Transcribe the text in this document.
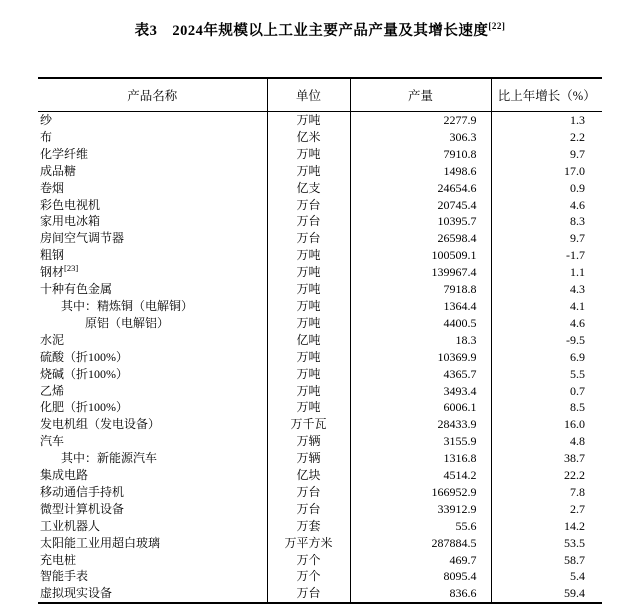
表3　2024年规模以上工业主要产品产量及其增长速度[22]
产品名称	单位	产量	比上年增长（%）
纱	万吨	2277.9	1.3
布	亿米	306.3	2.2
化学纤维	万吨	7910.8	9.7
成品糖	万吨	1498.6	17.0
卷烟	亿支	24654.6	0.9
彩色电视机	万台	20745.4	4.6
家用电冰箱	万台	10395.7	8.3
房间空气调节器	万台	26598.4	9.7
粗钢	万吨	100509.1	-1.7
钢材[23]	万吨	139967.4	1.1
十种有色金属	万吨	7918.8	4.3
其中：精炼铜（电解铜）	万吨	1364.4	4.1
原铝（电解铝）	万吨	4400.5	4.6
水泥	亿吨	18.3	-9.5
硫酸（折100%）	万吨	10369.9	6.9
烧碱（折100%）	万吨	4365.7	5.5
乙烯	万吨	3493.4	0.7
化肥（折100%）	万吨	6006.1	8.5
发电机组（发电设备）	万千瓦	28433.9	16.0
汽车	万辆	3155.9	4.8
其中：新能源汽车	万辆	1316.8	38.7
集成电路	亿块	4514.2	22.2
移动通信手持机	万台	166952.9	7.8
微型计算机设备	万台	33912.9	2.7
工业机器人	万套	55.6	14.2
太阳能工业用超白玻璃	万平方米	287884.5	53.5
充电桩	万个	469.7	58.7
智能手表	万个	8095.4	5.4
虚拟现实设备	万台	836.6	59.4
